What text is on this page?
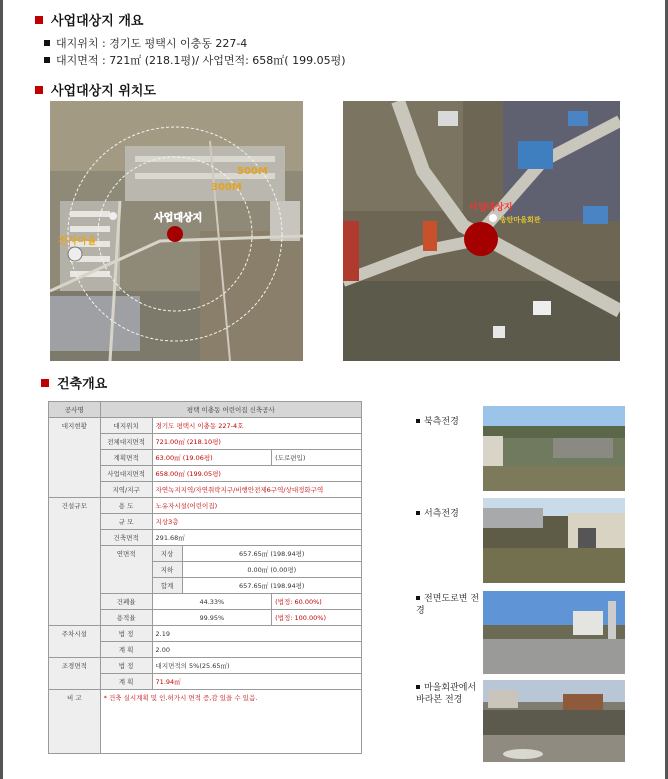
사업대상지 개요
대지위치 : 경기도 평택시 이충동 227-4
대지면적 : 721㎡ (218.1평)/ 사업면적: 658㎡( 199.05평)
사업대상지 위치도
300M
500M
사업대상지
전자마을
사업대상지
송탄마을회관
건축개요
공사명	평택 이충동 어린이집 신축공사			
대지현황	대지위치	경기도 평택시 이충동 227-4호		
	전체대지면적	721.00㎡ (218.10평)		
	계획면적	63.00㎡ (19.06평)		(도로편입)
	사업대지면적	658.00㎡ (199.05평)		
	지역/지구	자연녹지지역/자연취락지구/비행안전제6구역/상대정화구역		
건설규모	용 도	노유자시설(어린이집)		
	규 모	지상3층		
	건축면적	291.68㎡		
	연면적	지상	657.65㎡ (198.94평)	
		지하	0.00㎡ (0.00평)	
		합계	657.65㎡ (198.94평)	
	건폐율	44.33%		(법정: 60.00%)
	용적율	99.95%		(법정: 100.00%)
주차시설	법 정	2.19		
	계 획	2.00		
조경면적	법 정	대지면적의 5%(25.65㎡)		
	계 획	71.94㎡		
비 고	* 건축 실시계획 및 인.허가시 면적 증,감 있을 수 있음.			
북측전경
서측전경
전면도로변 전경
마을회관에서 바라본 전경
